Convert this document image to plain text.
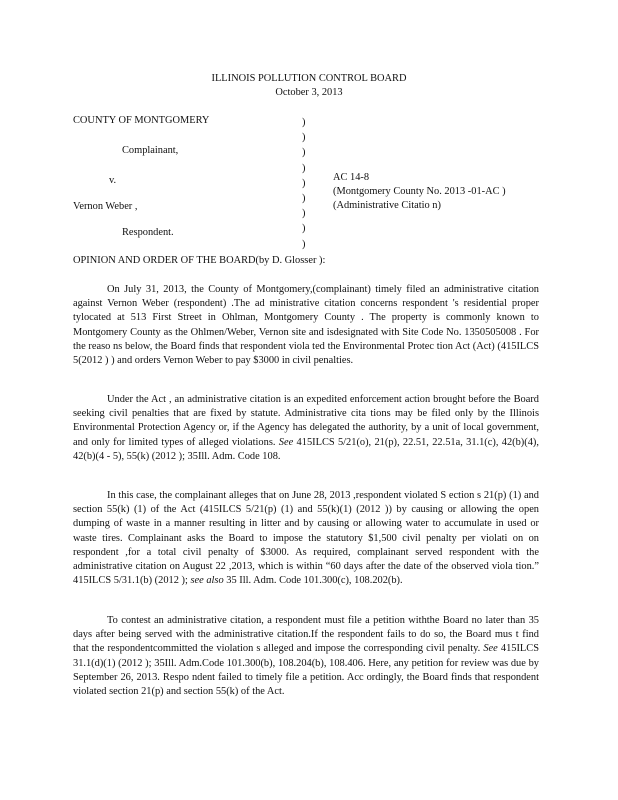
ILLINOIS POLLUTION CONTROL BOARD
October 3, 2013
COUNTY OF MONTGOMERY
Complainant,
v.
Vernon Weber ,
Respondent.
)
)
)
)
)
)
)
)
)
AC 14-8
(Montgomery County No. 2013 -01-AC )
(Administrative Citatio n)
OPINION AND ORDER OF THE BOARD(by D. Glosser ):
On July 31, 2013, the County of Montgomery,(complainant) timely filed an administrative citation against Vernon Weber (respondent) .The ad ministrative citation concerns respondent 's residential proper tylocated at 513 First Street in Ohlman, Montgomery County . The property is commonly known to Montgomery County as the Ohlmen/Weber, Vernon site and isdesignated with Site Code No. 1350505008 . For the reaso ns below, the Board finds that respondent viola ted the Environmental Protec tion Act (Act) (415ILCS 5(2012 ) ) and orders Vernon Weber to pay $3000 in civil penalties.
Under the Act , an administrative citation is an expedited enforcement action brought before the Board seeking civil penalties that are fixed by statute. Administrative cita tions may be filed only by the Illinois Environmental Protection Agency or, if the Agency has delegated the authority, by a unit of local government, and only for limited types of alleged violations. See 415ILCS 5/21(o), 21(p), 22.51, 22.51a, 31.1(c), 42(b)(4), 42(b)(4 - 5), 55(k) (2012 ); 35Ill. Adm. Code 108.
In this case, the complainant alleges that on June 28, 2013 ,respondent violated S ection s 21(p) (1) and section 55(k) (1) of the Act (415ILCS 5/21(p) (1) and 55(k)(1) (2012 )) by causing or allowing the open dumping of waste in a manner resulting in litter and by causing or allowing water to accumulate in used or waste tires. Complainant asks the Board to impose the statutory $1,500 civil penalty per violati on on respondent ,for a total civil penalty of $3000. As required, complainant served respondent with the administrative citation on August 22 ,2013, which is within “60 days after the date of the observed viola tion.” 415ILCS 5/31.1(b) (2012 ); see also 35 Ill. Adm. Code 101.300(c), 108.202(b).
To contest an administrative citation, a respondent must file a petition withthe Board no later than 35 days after being served with the administrative citation.If the respondent fails to do so, the Board mus t find that the respondentcommitted the violation s alleged and impose the corresponding civil penalty. See 415ILCS 31.1(d)(1) (2012 ); 35Ill. Adm.Code 101.300(b), 108.204(b), 108.406. Here, any petition for review was due by September 26, 2013. Respo ndent failed to timely file a petition. Acc ordingly, the Board finds that respondent violated section 21(p) and section 55(k) of the Act.
